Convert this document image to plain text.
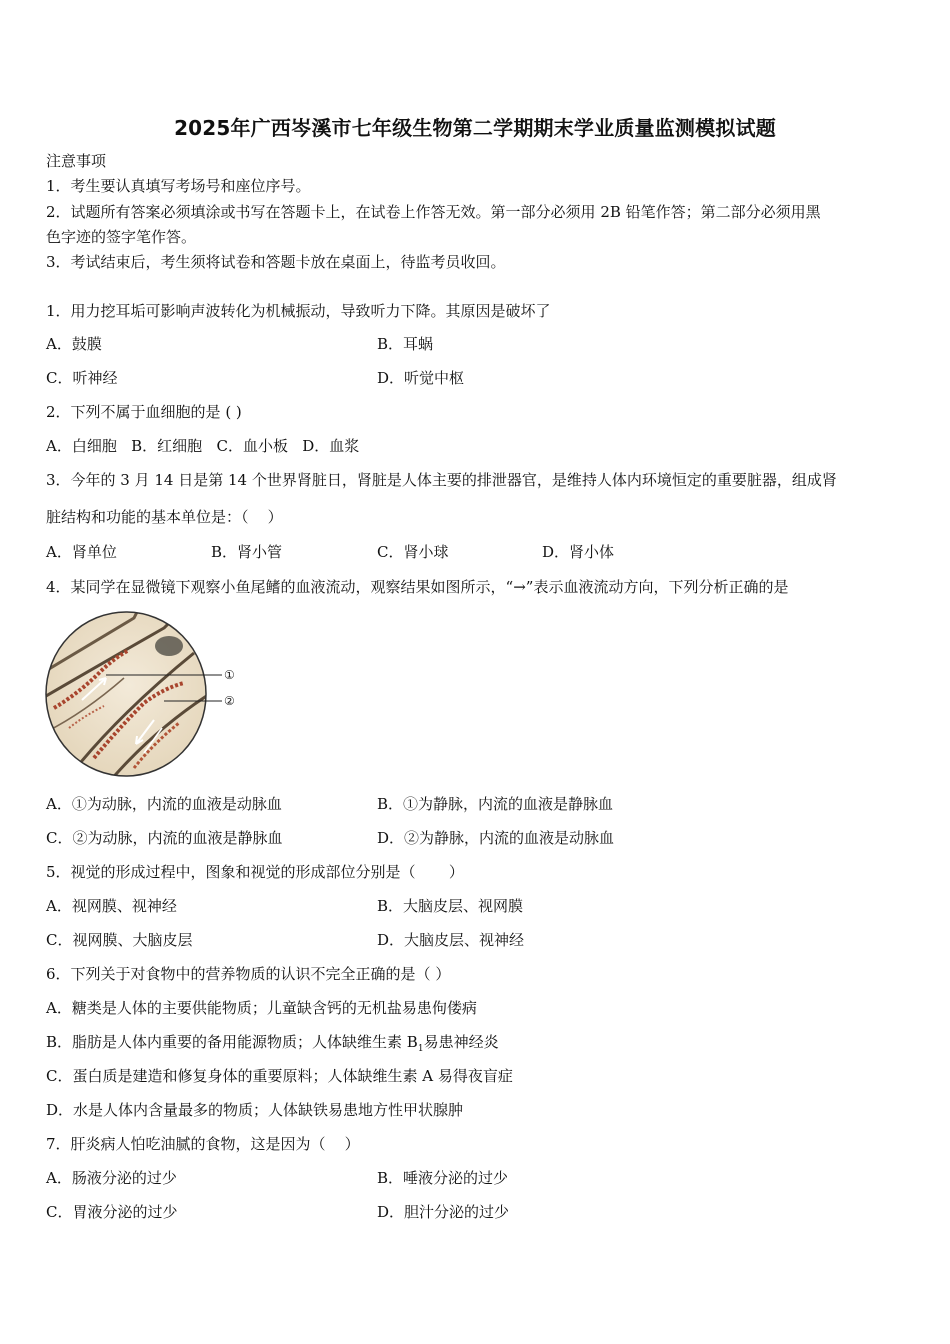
2025年广西岑溪市七年级生物第二学期期末学业质量监测模拟试题
注意事项
1．考生要认真填写考场号和座位序号。
2．试题所有答案必须填涂或书写在答题卡上，在试卷上作答无效。第一部分必须用 2B 铅笔作答；第二部分必须用黑
色字迹的签字笔作答。
3．考试结束后，考生须将试卷和答题卡放在桌面上，待监考员收回。
1．用力挖耳垢可影响声波转化为机械振动，导致听力下降。其原因是破坏了
A．鼓膜	B．耳蜗
C．听神经	D．听觉中枢
2．下列不属于血细胞的是 ( )
A．白细胞   B．红细胞   C．血小板   D．血浆
3．今年的 3 月 14 日是第 14 个世界肾脏日，肾脏是人体主要的排泄器官，是维持人体内环境恒定的重要脏器，组成肾
脏结构和功能的基本单位是：（    ）
A．肾单位	B．肾小管	C．肾小球	D．肾小体
4．某同学在显微镜下观察小鱼尾鳍的血液流动，观察结果如图所示，“→”表示血液流动方向，下列分析正确的是
①
②
A．①为动脉，内流的血液是动脉血	B．①为静脉，内流的血液是静脉血
C．②为动脉，内流的血液是静脉血	D．②为静脉，内流的血液是动脉血
5．视觉的形成过程中，图象和视觉的形成部位分别是（       ）
A．视网膜、视神经	B．大脑皮层、视网膜
C．视网膜、大脑皮层	D．大脑皮层、视神经
6．下列关于对食物中的营养物质的认识不完全正确的是（ ）
A．糖类是人体的主要供能物质；儿童缺含钙的无机盐易患佝偻病
B．脂肪是人体内重要的备用能源物质；人体缺维生素 $B_1$易患神经炎
C．蛋白质是建造和修复身体的重要原料；人体缺维生素 A 易得夜盲症
D．水是人体内含量最多的物质；人体缺铁易患地方性甲状腺肿
7．肝炎病人怕吃油腻的食物，这是因为（    ）
A．肠液分泌的过少	B．唾液分泌的过少
C．胃液分泌的过少	D．胆汁分泌的过少
